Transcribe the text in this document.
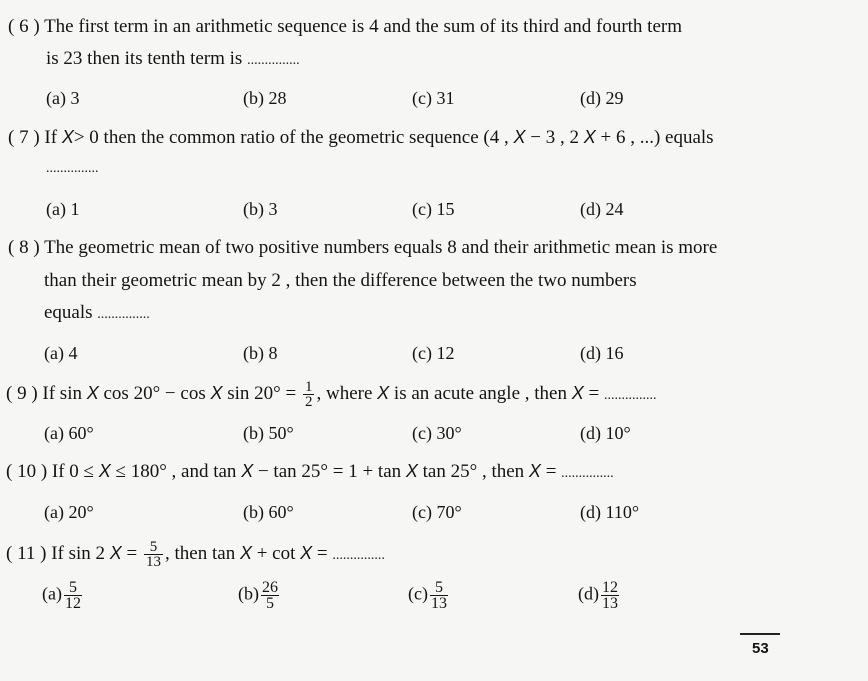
( 6 ) The first term in an arithmetic sequence is 4 and the sum of its third and fourth term
is 23 then its tenth term is ...............
(a) 3	(b) 28	(c) 31	(d) 29
( 7 ) If X> 0 then the common ratio of the geometric sequence (4 , X − 3 , 2 X + 6 , ...) equals
...............
(a) 1	(b) 3	(c) 15	(d) 24
( 8 ) The geometric mean of two positive numbers equals 8 and their arithmetic mean is more
than their geometric mean by 2 , then the difference between the two numbers
equals ...............
(a) 4	(b) 8	(c) 12	(d) 16
( 9 ) If sin X cos 20° − cos X $\sin 20^\circ = \frac{1}{2}$ , where X is an acute angle , then X = ...............
(a) 60°	(b) 50°	(c) 30°	(d) 10°
( 10 ) If 0 ≤ X ≤ 180° , and tan X − tan 25° = 1 + tan X tan 25° , then X = ...............
(a) 20°	(b) 60°	(c) 70°	(d) 110°
( 11 ) If sin 2 $X = \frac{5}{13}$ , then tan X + cot X = ...............
$(a) \frac{5}{12}$	$(b) \frac{26}{5}$	$(c) \frac{5}{13}$	$(d) \frac{12}{13}$
53
